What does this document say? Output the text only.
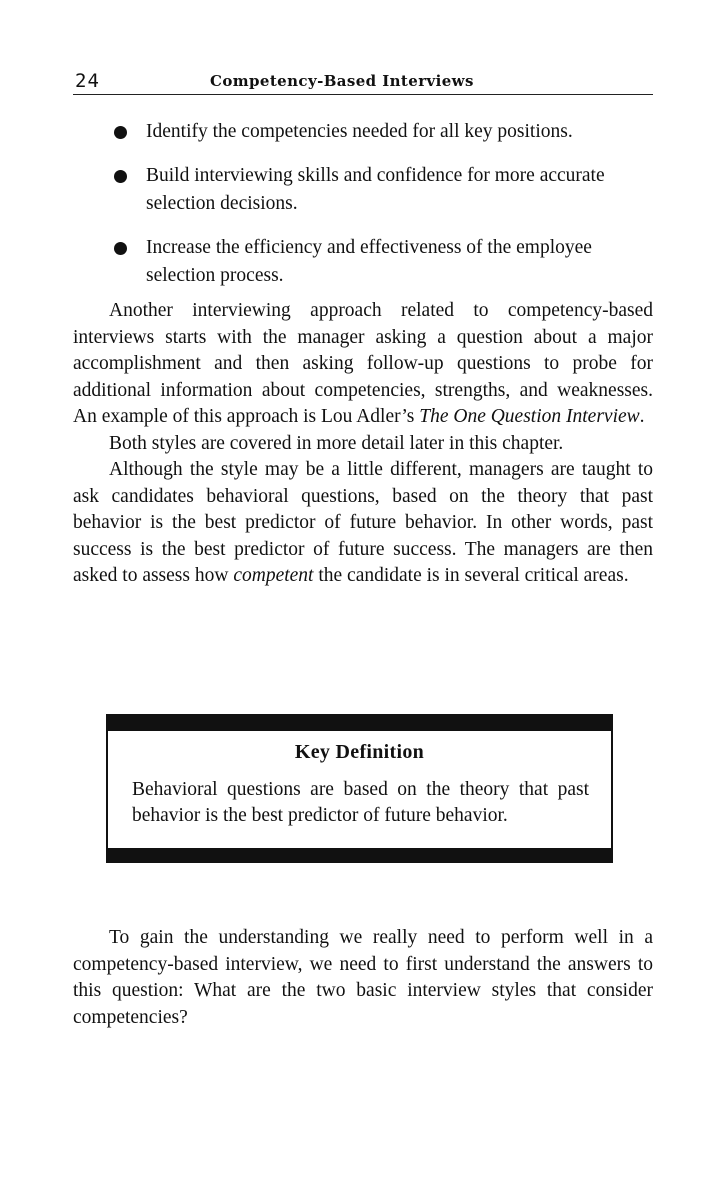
24	Competency-Based Interviews
Identify the competencies needed for all key positions.
Build interviewing skills and confidence for more accurate selection decisions.
Increase the efficiency and effectiveness of the employee selection process.

Another interviewing approach related to competency-based interviews starts with the manager asking a question about a major accomplishment and then asking follow-up questions to probe for additional information about competencies, strengths, and weaknesses. An example of this approach is Lou Adler’s The One Question Interview.

Both styles are covered in more detail later in this chapter.

Although the style may be a little different, managers are taught to ask candidates behavioral questions, based on the theory that past behavior is the best predictor of future behavior. In other words, past success is the best predictor of future success. The managers are then asked to assess how competent the candidate is in several critical areas.

Key Definition
Behavioral questions are based on the theory that past behavior is the best predictor of future behavior.

To gain the understanding we really need to perform well in a competency-based interview, we need to first understand the answers to this question: What are the two basic interview styles that consider competencies?
